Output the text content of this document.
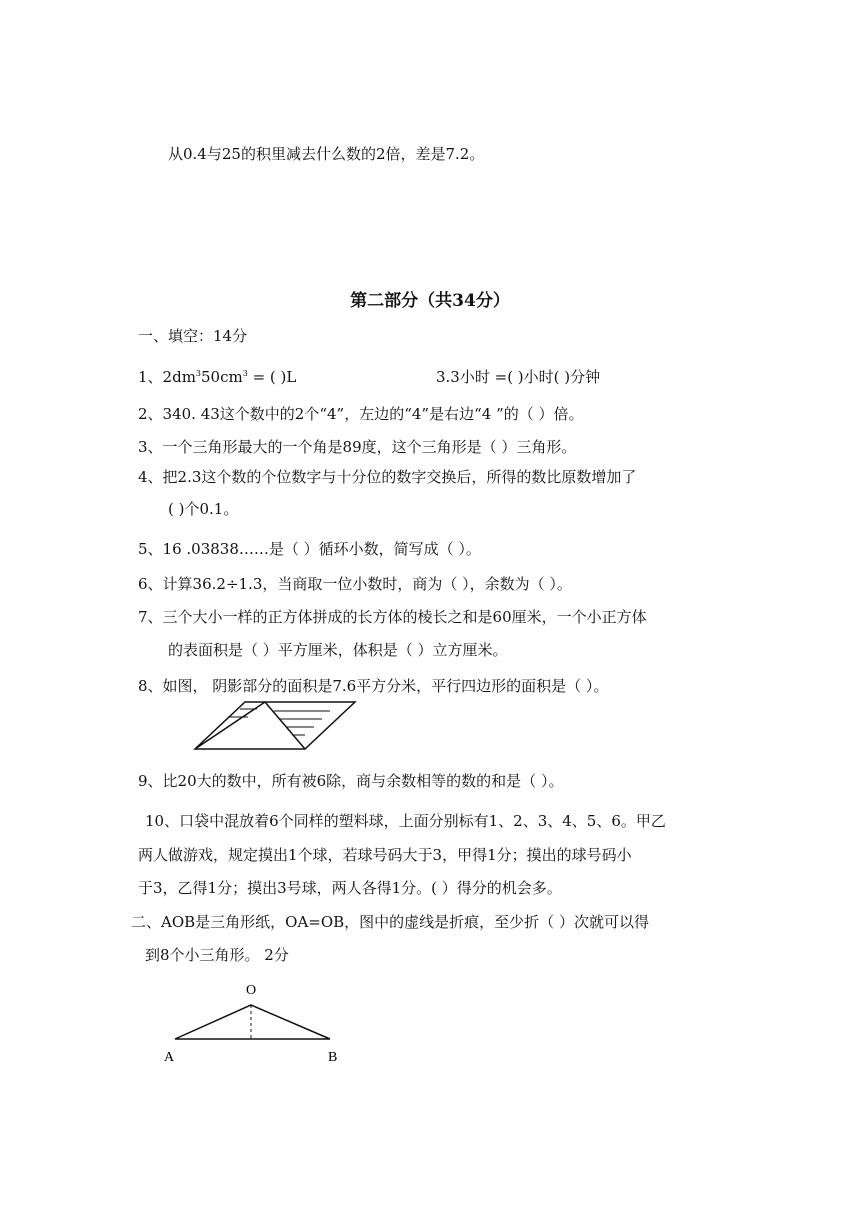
从0.4与25的积里减去什么数的2倍，差是7.2。
第二部分（共34分）
一、填空：14分
1、$2dm^350cm^3$ = ( )L	3.3小时 =( )小时( )分钟
2、340. 43这个数中的2个“4”，左边的“4”是右边“4 ”的（ ）倍。
3、一个三角形最大的一个角是89度，这个三角形是（ ）三角形。
4、把2.3这个数的个位数字与十分位的数字交换后，所得的数比原数增加了
( )个0.1。
5、16 .03838……是（ ）循环小数，简写成（ ）。
6、计算36.2÷1.3，当商取一位小数时，商为（ ），余数为（ ）。
7、三个大小一样的正方体拼成的长方体的棱长之和是60厘米，一个小正方体
的表面积是（ ）平方厘米，体积是（ ）立方厘米。
8、如图， 阴影部分的面积是7.6平方分米，平行四边形的面积是（ ）。
9、比20大的数中，所有被6除，商与余数相等的数的和是（ ）。
10、口袋中混放着6个同样的塑料球，上面分别标有1、2、3、4、5、6。甲乙
两人做游戏，规定摸出1个球，若球号码大于3，甲得1分；摸出的球号码小
于3，乙得1分；摸出3号球，两人各得1分。( ）得分的机会多。
二、AOB是三角形纸，OA=OB，图中的虚线是折痕，至少折（ ）次就可以得
到8个小三角形。 2分
O
A	B
